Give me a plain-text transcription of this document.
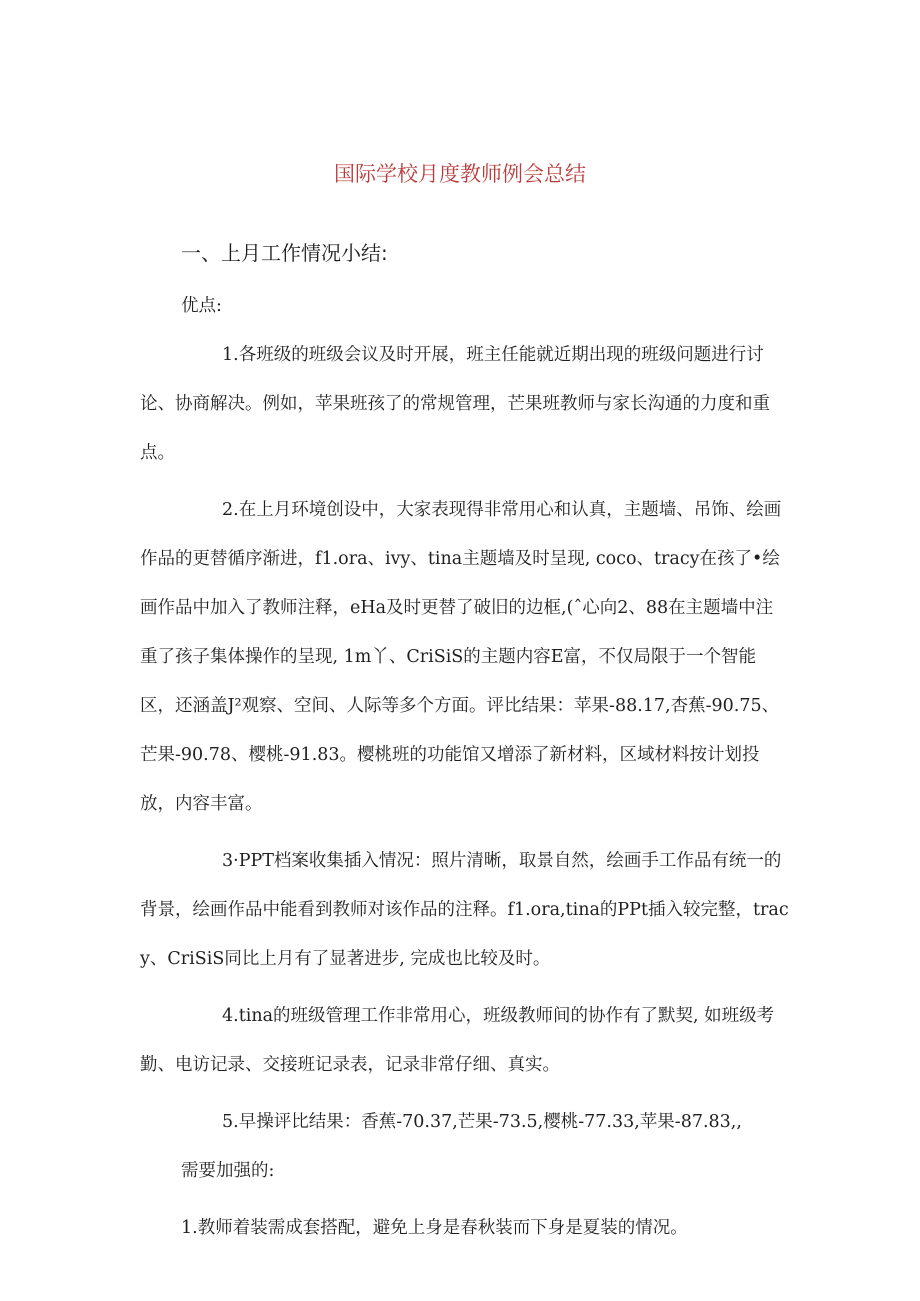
国际学校月度教师例会总结
一、上月工作情况小结:

优点:

1.各班级的班级会议及时开展，班主任能就近期出现的班级问题进行讨论、协商解决。例如，苹果班孩了的常规管理，芒果班教师与家长沟通的力度和重点。

2.在上月环境创设中，大家表现得非常用心和认真，主题墙、吊饰、绘画作品的更替循序渐进，f1.ora、ivy、tina主题墙及时呈现, coco、tracy在孩了•绘画作品中加入了教师注释，eHa及时更替了破旧的边框,(ˆ心向2、88在主题墙中注重了孩子集体操作的呈现, 1m丫、CriSiS的主题内容E富，不仅局限于一个智能区，还涵盖J²观察、空间、人际等多个方面。评比结果：苹果-88.17,杏蕉-90.75、芒果-90.78、樱桃-91.83。樱桃班的功能馆又增添了新材料，区域材料按计划投放，内容丰富。

3·PPT档案收集插入情况：照片清晰，取景自然，绘画手工作品有统一的背景，绘画作品中能看到教师对该作品的注释。f1.ora,tina的PPt插入较完整，tracy、CriSiS同比上月有了显著进步, 完成也比较及时。

4.tina的班级管理工作非常用心，班级教师间的协作有了默契, 如班级考勤、电访记录、交接班记录表，记录非常仔细、真实。

5.早操评比结果：香蕉-70.37,芒果-73.5,樱桃-77.33,苹果-87.83,,

需要加强的:

1.教师着装需成套搭配，避免上身是春秋装而下身是夏装的情况。
